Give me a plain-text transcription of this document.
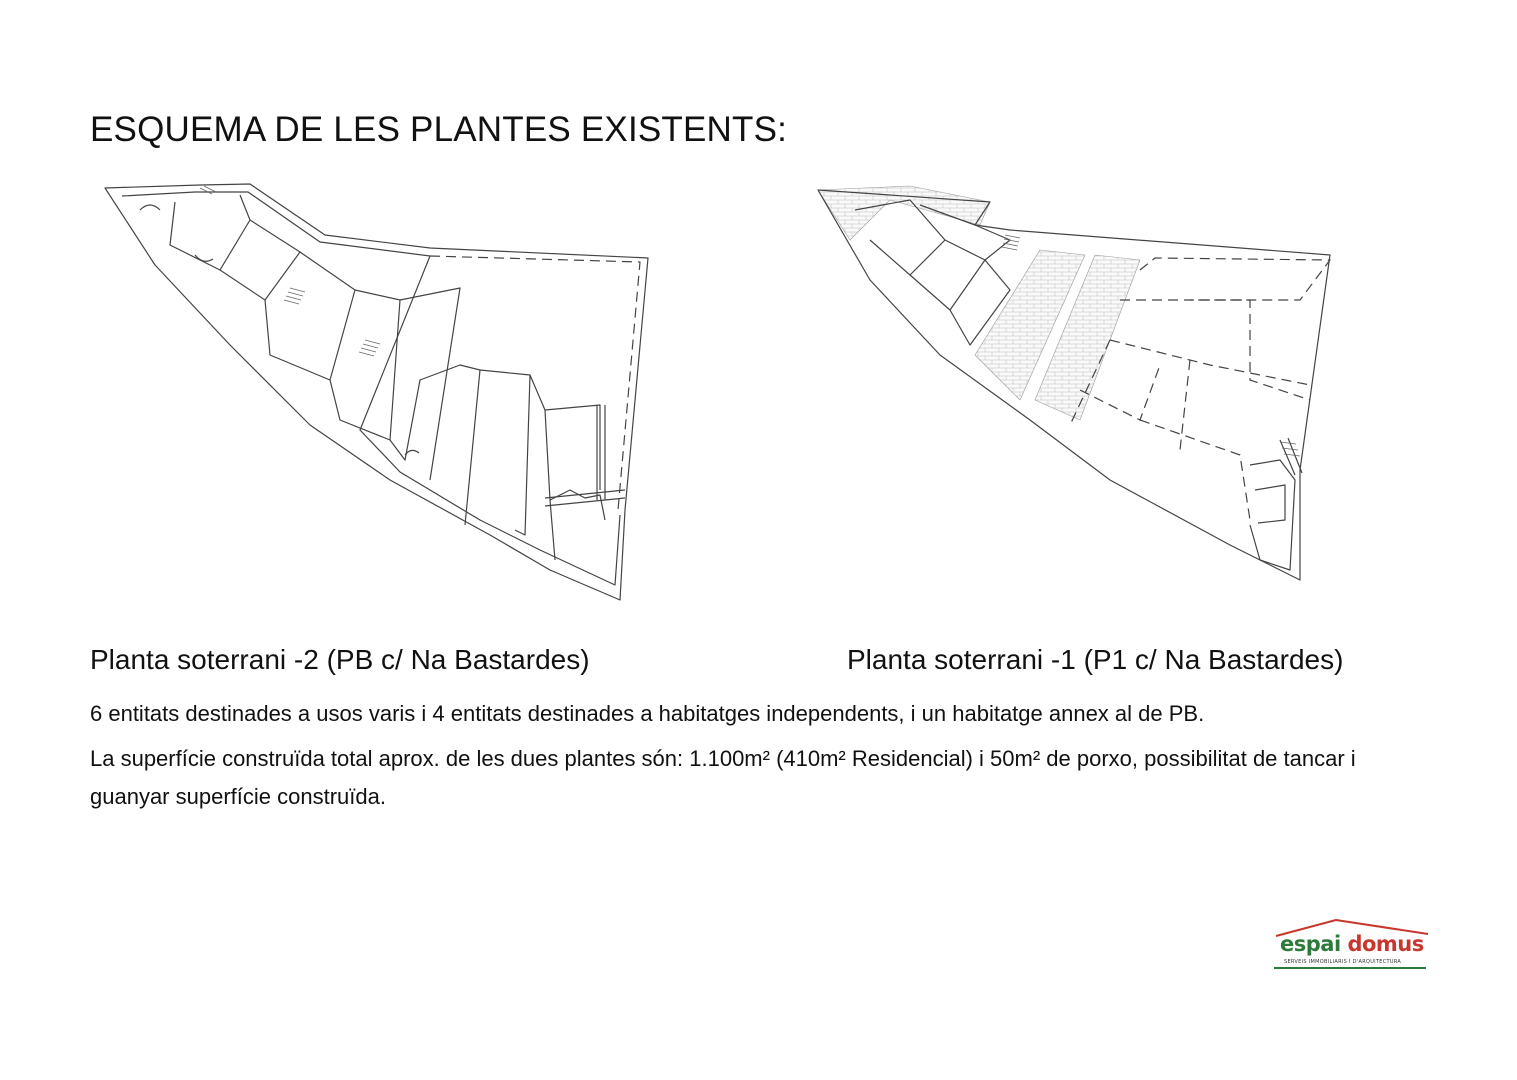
ESQUEMA DE LES PLANTES EXISTENTS:

Planta soterrani -2 (PB c/ Na Bastardes)	Planta soterrani -1 (P1 c/ Na Bastardes)

6 entitats destinades a usos varis i 4 entitats destinades a habitatges independents, i un habitatge annex al de PB.

La superfície construïda total aprox. de les dues plantes són: 1.100m² (410m² Residencial) i 50m² de porxo, possibilitat de tancar i guanyar superfície construïda.

espai domus
SERVEIS IMMOBILIARIS I D'ARQUITECTURA
